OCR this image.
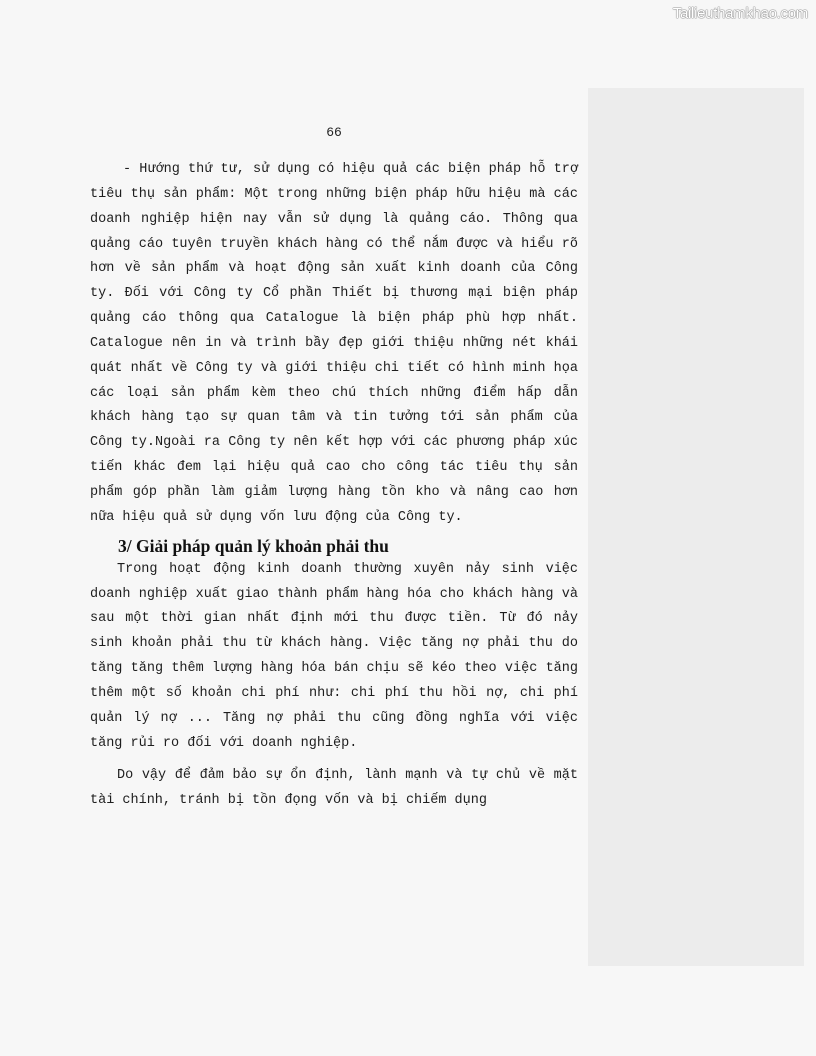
Tailieuthamkhao.com
66

- Hướng thứ tư, sử dụng có hiệu quả các biện pháp hỗ trợ tiêu thụ sản phẩm: Một trong những biện pháp hữu hiệu mà các doanh nghiệp hiện nay vẫn sử dụng là quảng cáo. Thông qua quảng cáo tuyên truyền khách hàng có thể nắm được và hiểu rõ hơn về sản phẩm và hoạt động sản xuất kinh doanh của Công ty. Đối với Công ty Cổ phần Thiết bị thương mại biện pháp quảng cáo thông qua Catalogue là biện pháp phù hợp nhất. Catalogue nên in và trình bầy đẹp giới thiệu những nét khái quát nhất về Công ty và giới thiệu chi tiết có hình minh họa các loại sản phẩm kèm theo chú thích những điểm hấp dẫn khách hàng tạo sự quan tâm và tin tưởng tới sản phẩm của Công ty.Ngoài ra Công ty nên kết hợp với các phương pháp xúc tiến khác đem lại hiệu quả cao cho công tác tiêu thụ sản phẩm góp phần làm giảm lượng hàng tồn kho và nâng cao hơn nữa hiệu quả sử dụng vốn lưu động của Công ty.

3/ Giải pháp quản lý khoản phải thu

Trong hoạt động kinh doanh thường xuyên nảy sinh việc doanh nghiệp xuất giao thành phẩm hàng hóa cho khách hàng và sau một thời gian nhất định mới thu được tiền. Từ đó nảy sinh khoản phải thu từ khách hàng. Việc tăng nợ phải thu do tăng tăng thêm lượng hàng hóa bán chịu sẽ kéo theo việc tăng thêm một số khoản chi phí như: chi phí thu hồi nợ, chi phí quản lý nợ ... Tăng nợ phải thu cũng đồng nghĩa với việc tăng rủi ro đối với doanh nghiệp.

Do vậy để đảm bảo sự ổn định, lành mạnh và tự chủ về mặt tài chính, tránh bị tồn đọng vốn và bị chiếm dụng
